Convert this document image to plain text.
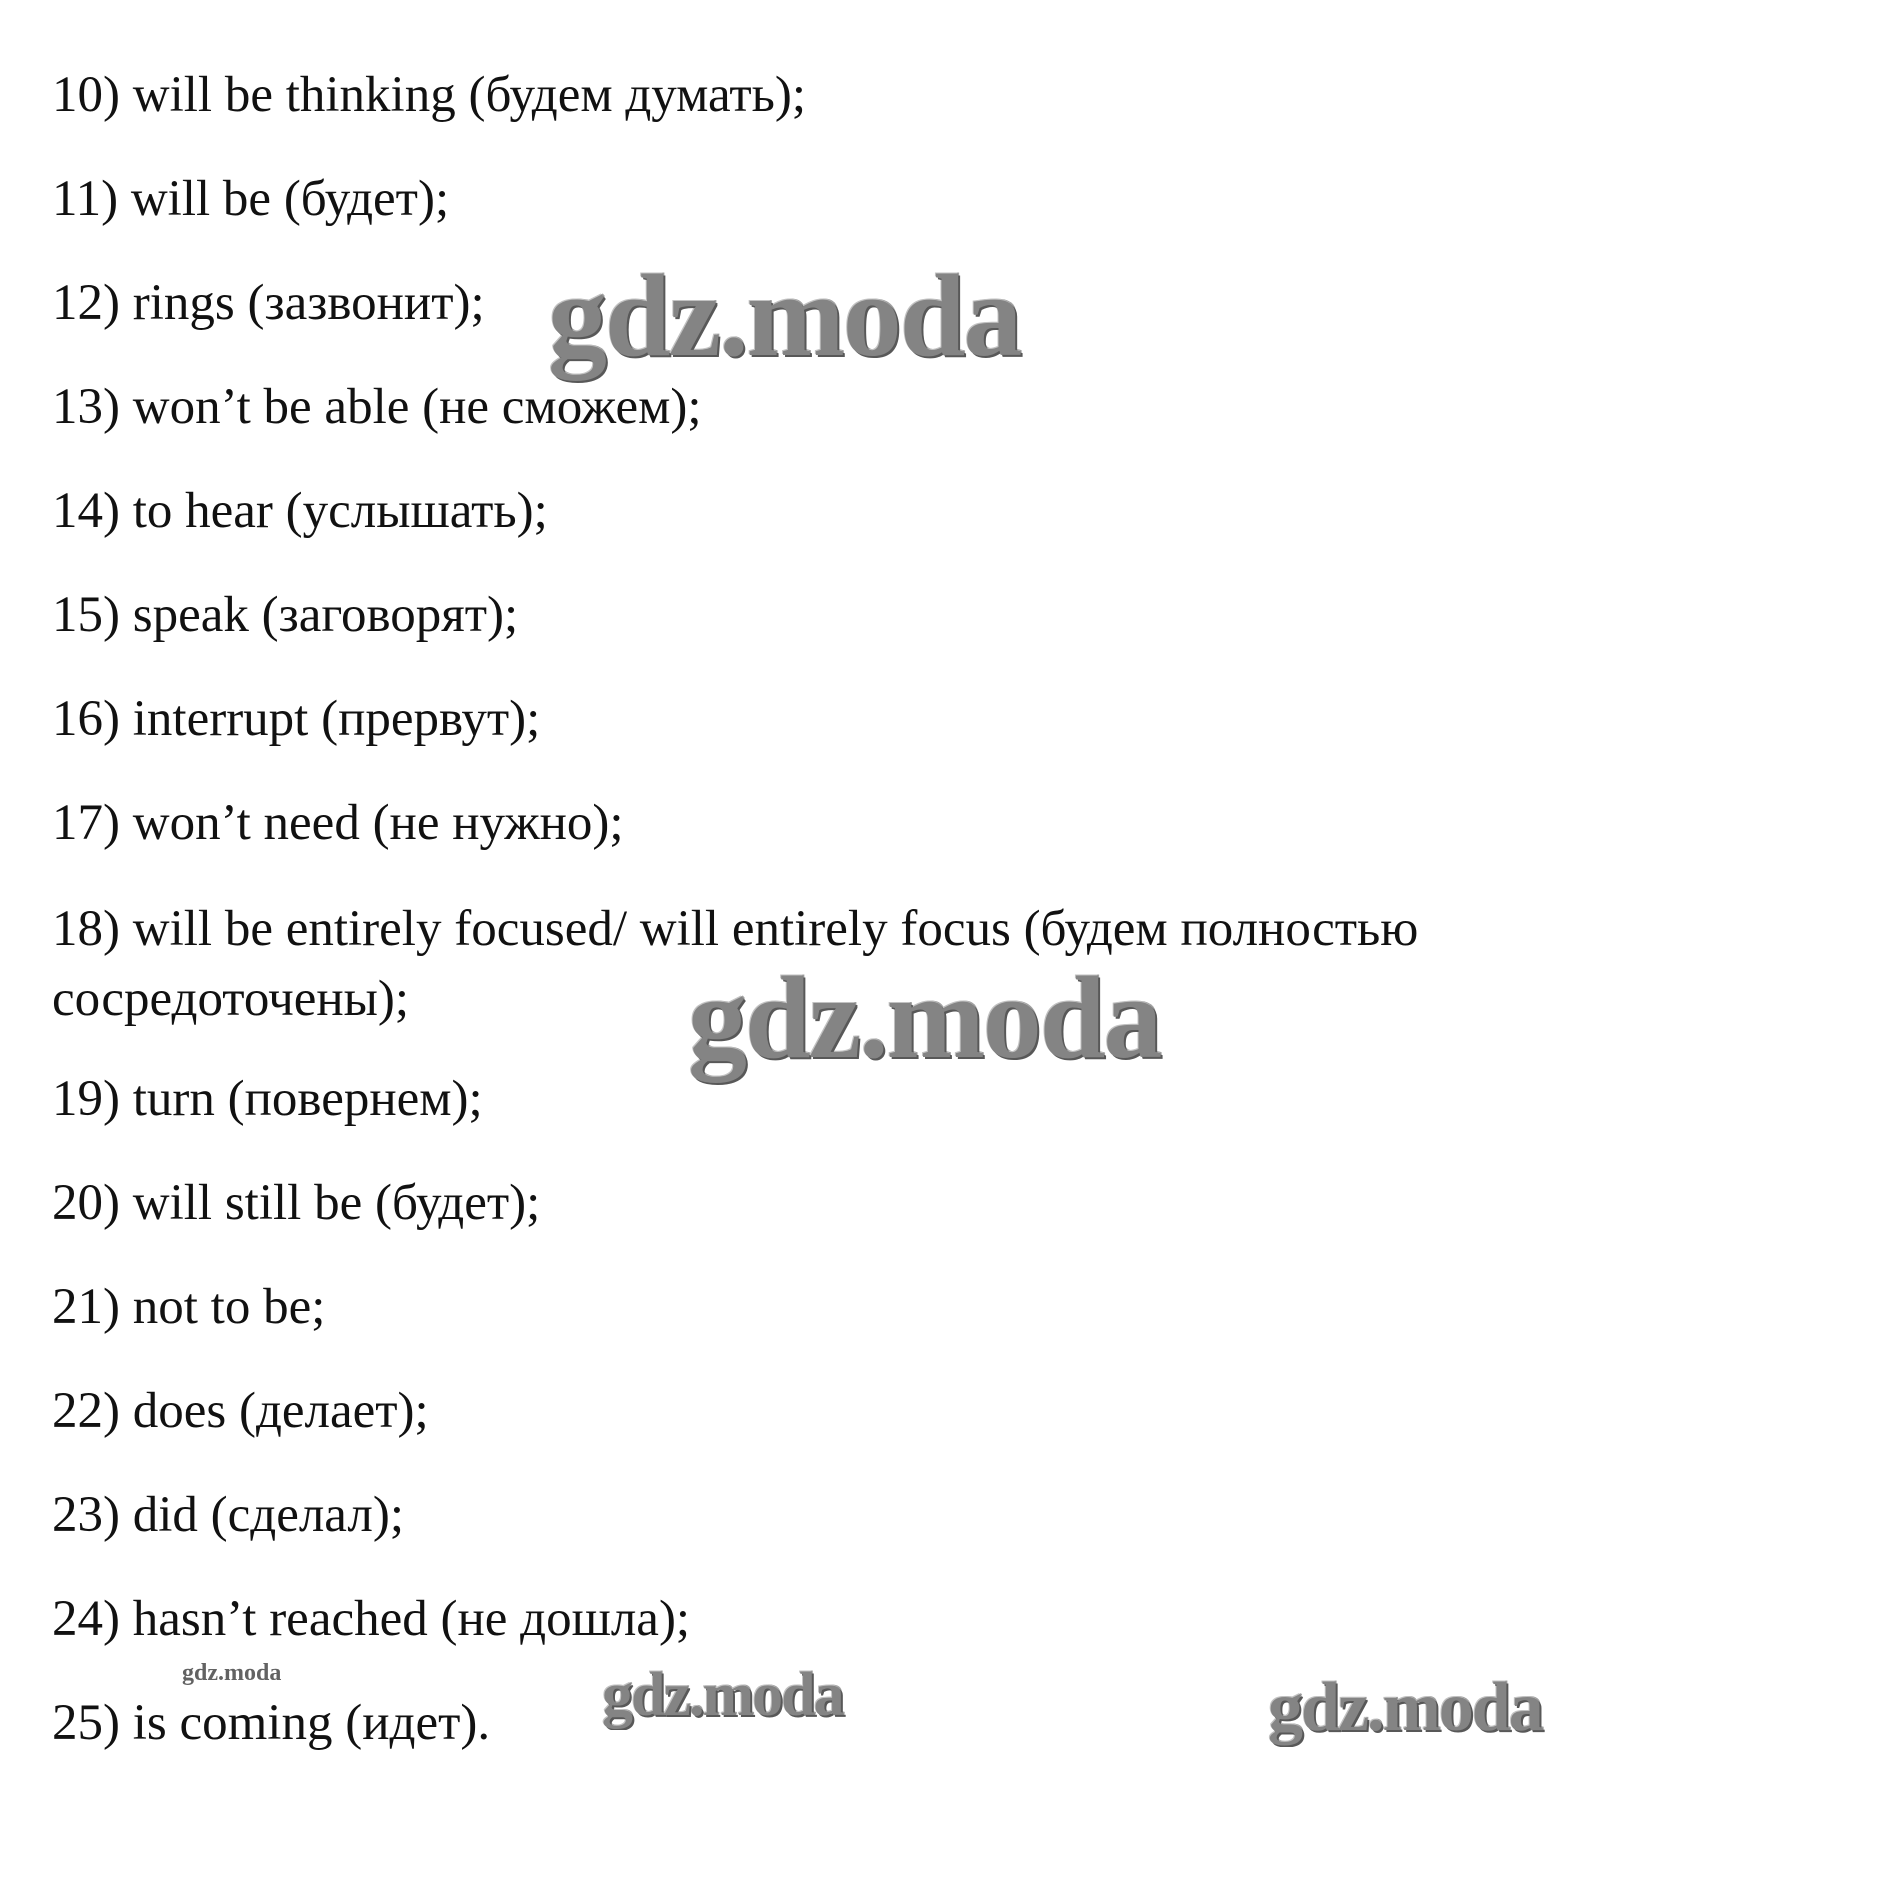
10) will be thinking (будем думать);
11) will be (будет);
12) rings (зазвонит);
13) won’t be able (не сможем);
14) to hear (услышать);
15) speak (заговорят);
16) interrupt (прервут);
17) won’t need (не нужно);
18) will be entirely focused/ will entirely focus (будем полностью сосредоточены);
19) turn (повернем);
20) will still be (будет);
21) not to be;
22) does (делает);
23) did (сделал);
24) hasn’t reached (не дошла);
25) is coming (идет).
gdz.moda
gdz.moda
gdz.moda	gdz.moda	gdz.moda
